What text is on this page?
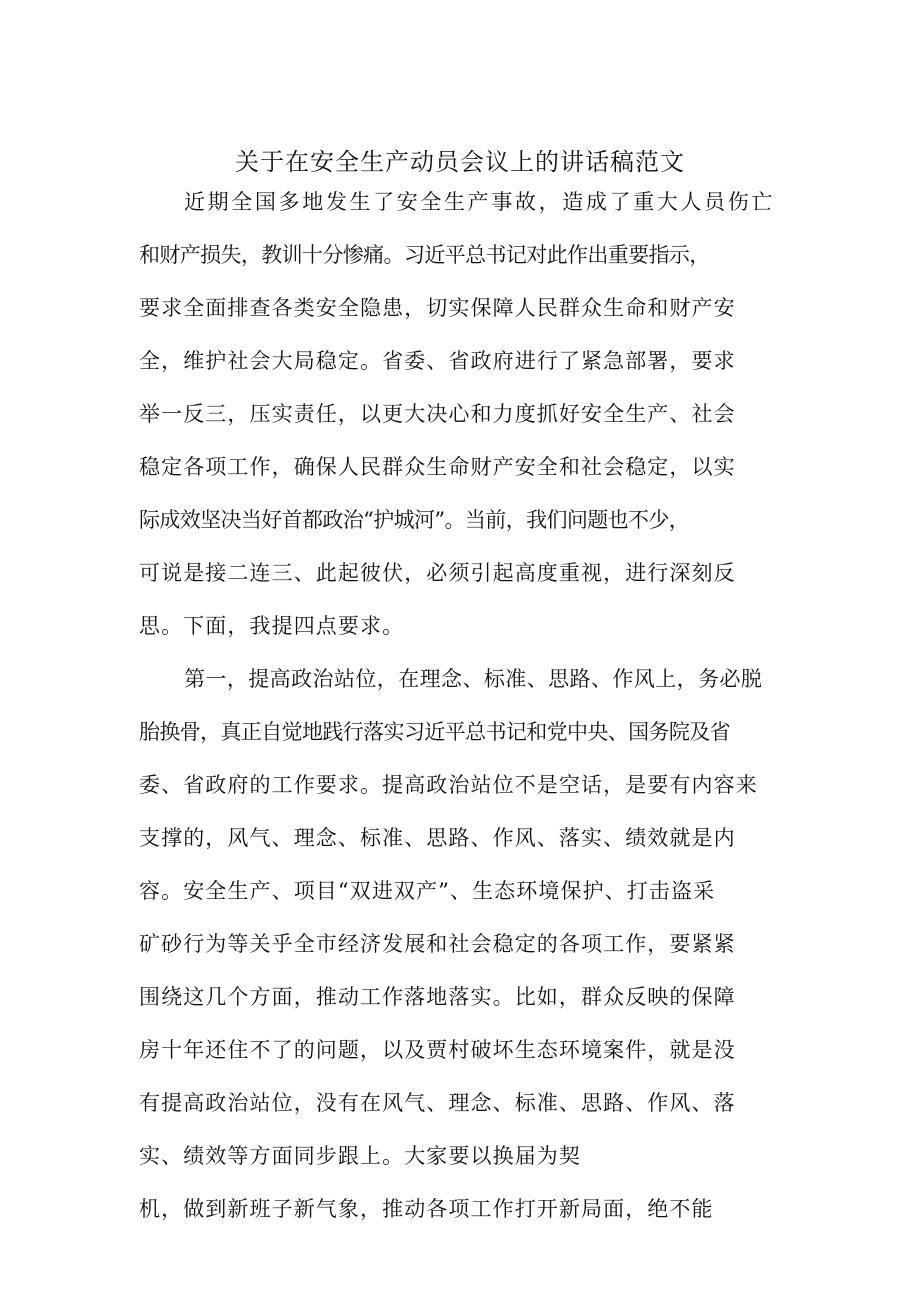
关于在安全生产动员会议上的讲话稿范文
近期全国多地发生了安全生产事故，造成了重大人员伤亡
和财产损失，教训十分惨痛。习近平总书记对此作出重要指示，
要求全面排查各类安全隐患，切实保障人民群众生命和财产安
全，维护社会大局稳定。省委、省政府进行了紧急部署，要求
举一反三，压实责任，以更大决心和力度抓好安全生产、社会
稳定各项工作，确保人民群众生命财产安全和社会稳定，以实
际成效坚决当好首都政治“护城河”。当前，我们问题也不少，
可说是接二连三、此起彼伏，必须引起高度重视，进行深刻反
思。下面，我提四点要求。
第一，提高政治站位，在理念、标准、思路、作风上，务必脱
胎换骨，真正自觉地践行落实习近平总书记和党中央、国务院及省
委、省政府的工作要求。提高政治站位不是空话，是要有内容来
支撑的，风气、理念、标准、思路、作风、落实、绩效就是内
容。安全生产、项目“双进双产”、生态环境保护、打击盗采
矿砂行为等关乎全市经济发展和社会稳定的各项工作，要紧紧
围绕这几个方面，推动工作落地落实。比如，群众反映的保障
房十年还住不了的问题，以及贾村破坏生态环境案件，就是没
有提高政治站位，没有在风气、理念、标准、思路、作风、落
实、绩效等方面同步跟上。大家要以换届为契
机，做到新班子新气象，推动各项工作打开新局面，绝不能
